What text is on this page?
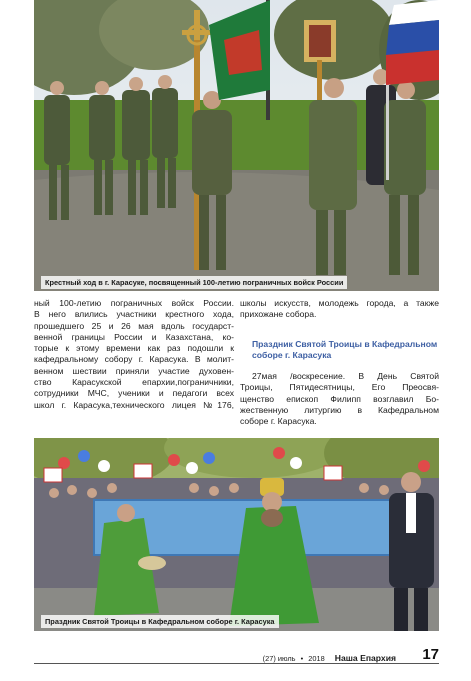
Крестный ход в г. Карасуке, посвященный 100-летию пограничных войск России
ный 100-летию пограничных войск России.
В него влились участники крестного хода,
прошедшего 25 и 26 мая вдоль государст-
венной границы России и Казахстана, ко-
торые к этому времени как раз подошли к
кафедральному собору г. Карасука. В молит-
венном шествии приняли участие духовен-
ство Карасукской епархии,пограничники,
сотрудники МЧС, ученики и педагоги всех
школ г. Карасука,технического лицея №176,
школы искусств, молодежь города, а также
прихожане собора.
Праздник Святой Троицы в Кафедральном
соборе г. Карасука
27мая /воскресение. В День Святой
Троицы, Пятидесятницы, Его Преосвя-
щенство епископ Филипп возглавил Бо-
жественную литургию в Кафедральном
соборе г. Карасука.
Праздник Святой Троицы в Кафедральном соборе г. Карасука
(27) июль • 2018 Наша Епархия 17
